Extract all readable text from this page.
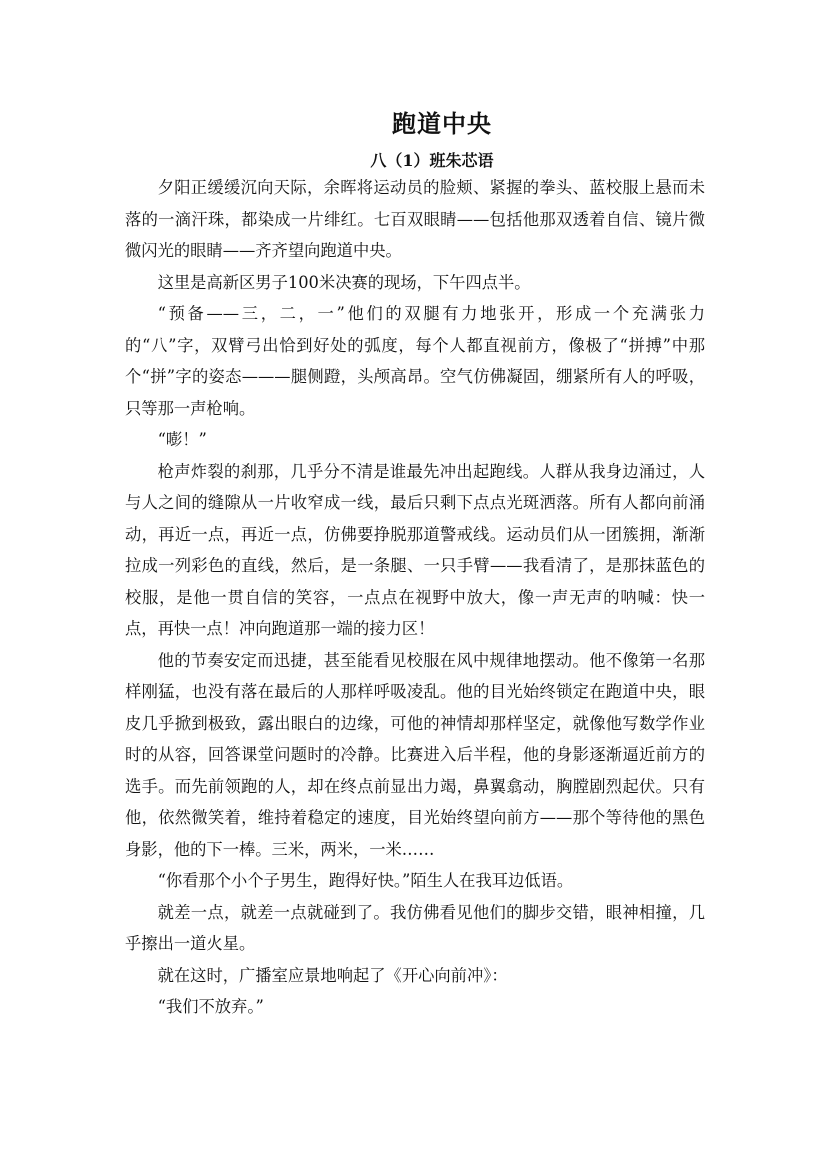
跑道中央
八（1）班朱芯语

夕阳正缓缓沉向天际，余晖将运动员的脸颊、紧握的拳头、蓝校服上悬而未落的一滴汗珠，都染成一片绯红。七百双眼睛——包括他那双透着自信、镜片微微闪光的眼睛——齐齐望向跑道中央。

这里是高新区男子100米决赛的现场，下午四点半。

“预备——三，二，一”他们的双腿有力地张开，形成一个充满张力的“八”字，双臂弓出恰到好处的弧度，每个人都直视前方，像极了“拼搏”中那个“拼”字的姿态———腿侧蹬，头颅高昂。空气仿佛凝固，绷紧所有人的呼吸，只等那一声枪响。

“嘭！”

枪声炸裂的刹那，几乎分不清是谁最先冲出起跑线。人群从我身边涌过，人与人之间的缝隙从一片收窄成一线，最后只剩下点点光斑洒落。所有人都向前涌动，再近一点，再近一点，仿佛要挣脱那道警戒线。运动员们从一团簇拥，渐渐拉成一列彩色的直线，然后，是一条腿、一只手臂——我看清了，是那抹蓝色的校服，是他一贯自信的笑容，一点点在视野中放大，像一声无声的呐喊：快一点，再快一点！冲向跑道那一端的接力区！

他的节奏安定而迅捷，甚至能看见校服在风中规律地摆动。他不像第一名那样刚猛，也没有落在最后的人那样呼吸凌乱。他的目光始终锁定在跑道中央，眼皮几乎掀到极致，露出眼白的边缘，可他的神情却那样坚定，就像他写数学作业时的从容，回答课堂问题时的冷静。比赛进入后半程，他的身影逐渐逼近前方的选手。而先前领跑的人，却在终点前显出力竭，鼻翼翕动，胸膛剧烈起伏。只有他，依然微笑着，维持着稳定的速度，目光始终望向前方——那个等待他的黑色身影，他的下一棒。三米，两米，一米……

“你看那个小个子男生，跑得好快。”陌生人在我耳边低语。

就差一点，就差一点就碰到了。我仿佛看见他们的脚步交错，眼神相撞，几乎擦出一道火星。

就在这时，广播室应景地响起了《开心向前冲》：

“我们不放弃。”
